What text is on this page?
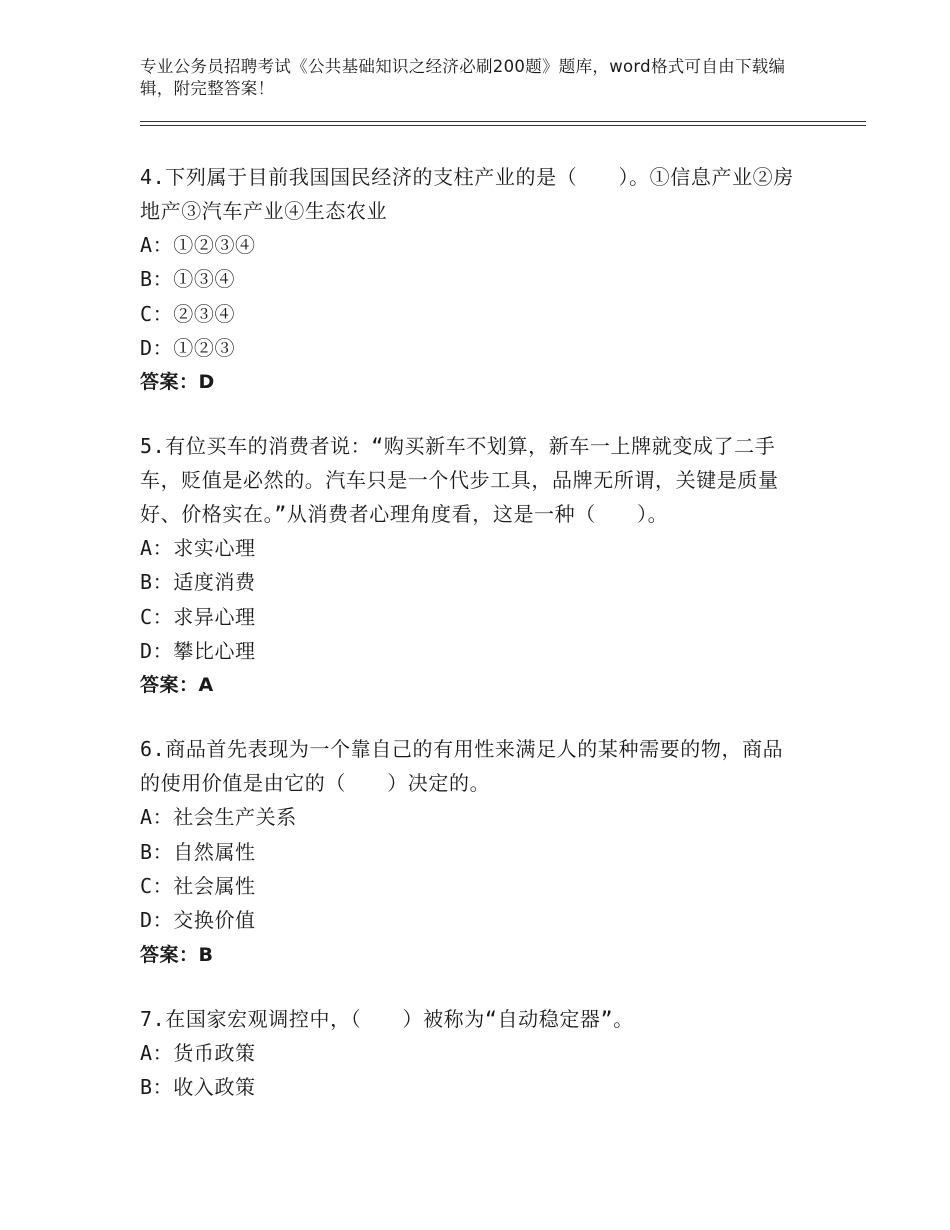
专业公务员招聘考试《公共基础知识之经济必刷200题》题库，word格式可自由下载编辑，附完整答案！
4.下列属于目前我国国民经济的支柱产业的是（　　）。①信息产业②房地产③汽车产业④生态农业
A：①②③④
B：①③④
C：②③④
D：①②③
答案：D
5.有位买车的消费者说：“购买新车不划算，新车一上牌就变成了二手车，贬值是必然的。汽车只是一个代步工具，品牌无所谓，关键是质量好、价格实在。”从消费者心理角度看，这是一种（　　）。
A：求实心理
B：适度消费
C：求异心理
D：攀比心理
答案：A
6.商品首先表现为一个靠自己的有用性来满足人的某种需要的物，商品的使用价值是由它的（　　）决定的。
A：社会生产关系
B：自然属性
C：社会属性
D：交换价值
答案：B
7.在国家宏观调控中，（　　）被称为“自动稳定器”。
A：货币政策
B：收入政策
